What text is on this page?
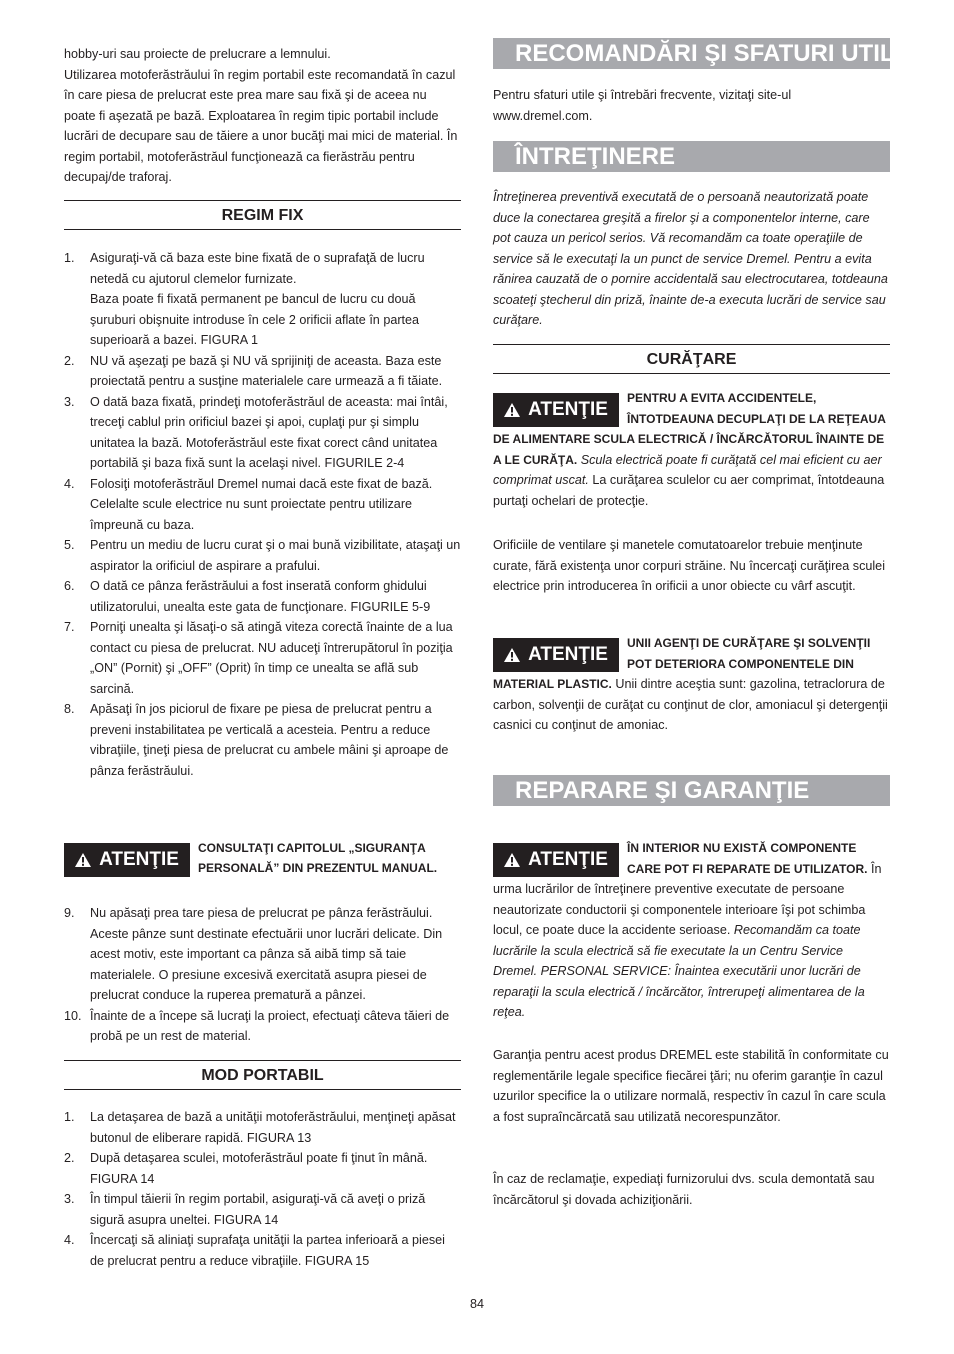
hobby-uri sau proiecte de prelucrare a lemnului.

Utilizarea motoferăstrăului în regim portabil este recomandată în cazul în care piesa de prelucrat este prea mare sau fixă şi de aceea nu poate fi aşezată pe bază. Exploatarea în regim tipic portabil include lucrări de decupare sau de tăiere a unor bucăţi mai mici de material. În regim portabil, motoferăstrăul funcţionează ca fierăstrău pentru decupaj/de traforaj.

REGIM FIX
1. Asiguraţi-vă că baza este bine fixată de o suprafaţă de lucru netedă cu ajutorul clemelor furnizate.
Baza poate fi fixată permanent pe bancul de lucru cu două şuruburi obişnuite introduse în cele 2 orificii aflate în partea superioară a bazei. FIGURA 1
2. NU vă aşezaţi pe bază şi NU vă sprijiniţi de aceasta. Baza este proiectată pentru a susţine materialele care urmează a fi tăiate.
3. O dată baza fixată, prindeţi motoferăstrăul de aceasta: mai întâi, treceţi cablul prin orificiul bazei şi apoi, cuplaţi pur şi simplu unitatea la bază. Motoferăstrăul este fixat corect când unitatea portabilă şi baza fixă sunt la acelaşi nivel. FIGURILE 2-4
4. Folosiţi motoferăstrăul Dremel numai dacă este fixat de bază. Celelalte scule electrice nu sunt proiectate pentru utilizare împreună cu baza.
5. Pentru un mediu de lucru curat şi o mai bună vizibilitate, ataşaţi un aspirator la orificiul de aspirare a prafului.
6. O dată ce pânza ferăstrăului a fost inserată conform ghidului utilizatorului, unealta este gata de funcţionare. FIGURILE 5-9
7. Porniţi unealta şi lăsaţi-o să atingă viteza corectă înainte de a lua contact cu piesa de prelucrat. NU aduceţi întrerupătorul în poziţia „ON” (Pornit) şi „OFF” (Oprit) în timp ce unealta se află sub sarcină.
8. Apăsaţi în jos piciorul de fixare pe piesa de prelucrat pentru a preveni instabilitatea pe verticală a acesteia. Pentru a reduce vibraţiile, ţineţi piesa de prelucrat cu ambele mâini şi aproape de pânza ferăstrăului.
ATENŢIE
CONSULTAŢI CAPITOLUL „SIGURANŢA PERSONALĂ” DIN PREZENTUL MANUAL.
9. Nu apăsaţi prea tare piesa de prelucrat pe pânza ferăstrăului. Aceste pânze sunt destinate efectuării unor lucrări delicate. Din acest motiv, este important ca pânza să aibă timp să taie materialele. O presiune excesivă exercitată asupra piesei de prelucrat conduce la ruperea prematură a pânzei.
10. Înainte de a începe să lucraţi la proiect, efectuaţi câteva tăieri de probă pe un rest de material.
MOD PORTABIL
1. La detaşarea de bază a unităţii motoferăstrăului, menţineţi apăsat butonul de eliberare rapidă. FIGURA 13
2. După detaşarea sculei, motoferăstrăul poate fi ţinut în mână. FIGURA 14
3. În timpul tăierii în regim portabil, asiguraţi-vă că aveţi o priză sigură asupra uneltei. FIGURA 14
4. Încercaţi să aliniaţi suprafaţa unităţii la partea inferioară a piesei de prelucrat pentru a reduce vibraţiile. FIGURA 15
RECOMANDĂRI ŞI SFATURI UTILE

Pentru sfaturi utile şi întrebări frecvente, vizitaţi site-ul www.dremel.com.

ÎNTREŢINERE

Întreţinerea preventivă executată de o persoană neautorizată poate duce la conectarea greşită a firelor şi a componentelor interne, care pot cauza un pericol serios. Vă recomandăm ca toate operaţiile de service să le executaţi la un punct de service Dremel. Pentru a evita rănirea cauzată de o pornire accidentală sau electrocutarea, totdeauna scoateţi ştecherul din priză, înainte de-a executa lucrări de service sau curăţare.

CURĂŢARE
ATENŢIE
PENTRU A EVITA ACCIDENTELE, ÎNTOTDEAUNA DECUPLAŢI DE LA REŢEAUA DE ALIMENTARE SCULA ELECTRICĂ / ÎNCĂRCĂTORUL ÎNAINTE DE A LE CURĂŢA. Scula electrică poate fi curăţată cel mai eficient cu aer comprimat uscat. La curăţarea sculelor cu aer comprimat, întotdeauna purtaţi ochelari de protecţie.

Orificiile de ventilare şi manetele comutatoarelor trebuie menţinute curate, fără existenţa unor corpuri străine. Nu încercaţi curăţirea sculei electrice prin introducerea în orificii a unor obiecte cu vârf ascuţit.

ATENŢIE
UNII AGENŢI DE CURĂŢARE ŞI SOLVENŢII POT DETERIORA COMPONENTELE DIN MATERIAL PLASTIC. Unii dintre aceştia sunt: gazolina, tetraclorura de carbon, solvenţii de curăţat cu conţinut de clor, amoniacul şi detergenţii casnici cu conţinut de amoniac.
REPARARE ŞI GARANŢIE
ATENŢIE
ÎN INTERIOR NU EXISTĂ COMPONENTE CARE POT FI REPARATE DE UTILIZATOR. În urma lucrărilor de întreţinere preventive executate de persoane neautorizate conductorii şi componentele interioare îşi pot schimba locul, ce poate duce la accidente serioase. Recomandăm ca toate lucrările la scula electrică să fie executate la un Centru Service Dremel. PERSONAL SERVICE: Înaintea executării unor lucrări de reparaţii la scula electrică / încărcător, întrerupeţi alimentarea de la reţea.

Garanţia pentru acest produs DREMEL este stabilită în conformitate cu reglementările legale specifice fiecărei ţări; nu oferim garanţie în cazul uzurilor specifice la o utilizare normală, respectiv în cazul în care scula a fost supraîncărcată sau utilizată necorespunzător.

În caz de reclamaţie, expediaţi furnizorului dvs. scula demontată sau încărcătorul şi dovada achiziţionării.

84
